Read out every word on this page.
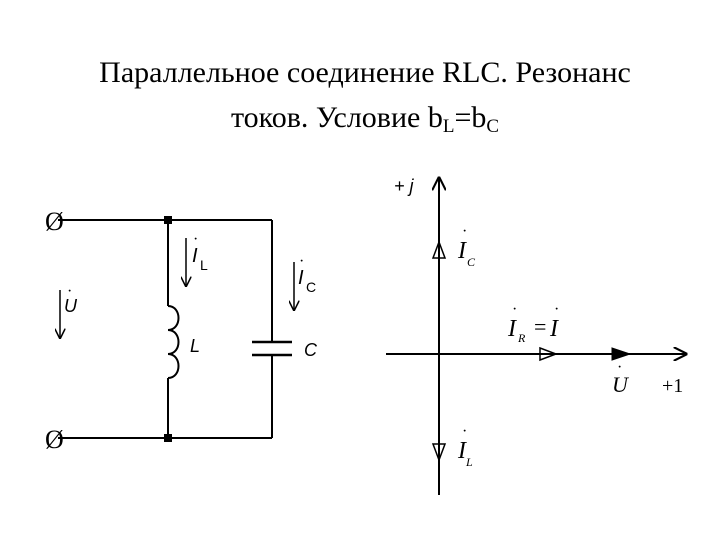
Параллельное соединение RLC. Резонанс
токов. Условие $b_L=b_C$
Ø
Ø
U
·
I
·
L
I
·
C
L	C
+ j
+1
I
·
C
I
·
R = I
·
U
·
I
·
L
